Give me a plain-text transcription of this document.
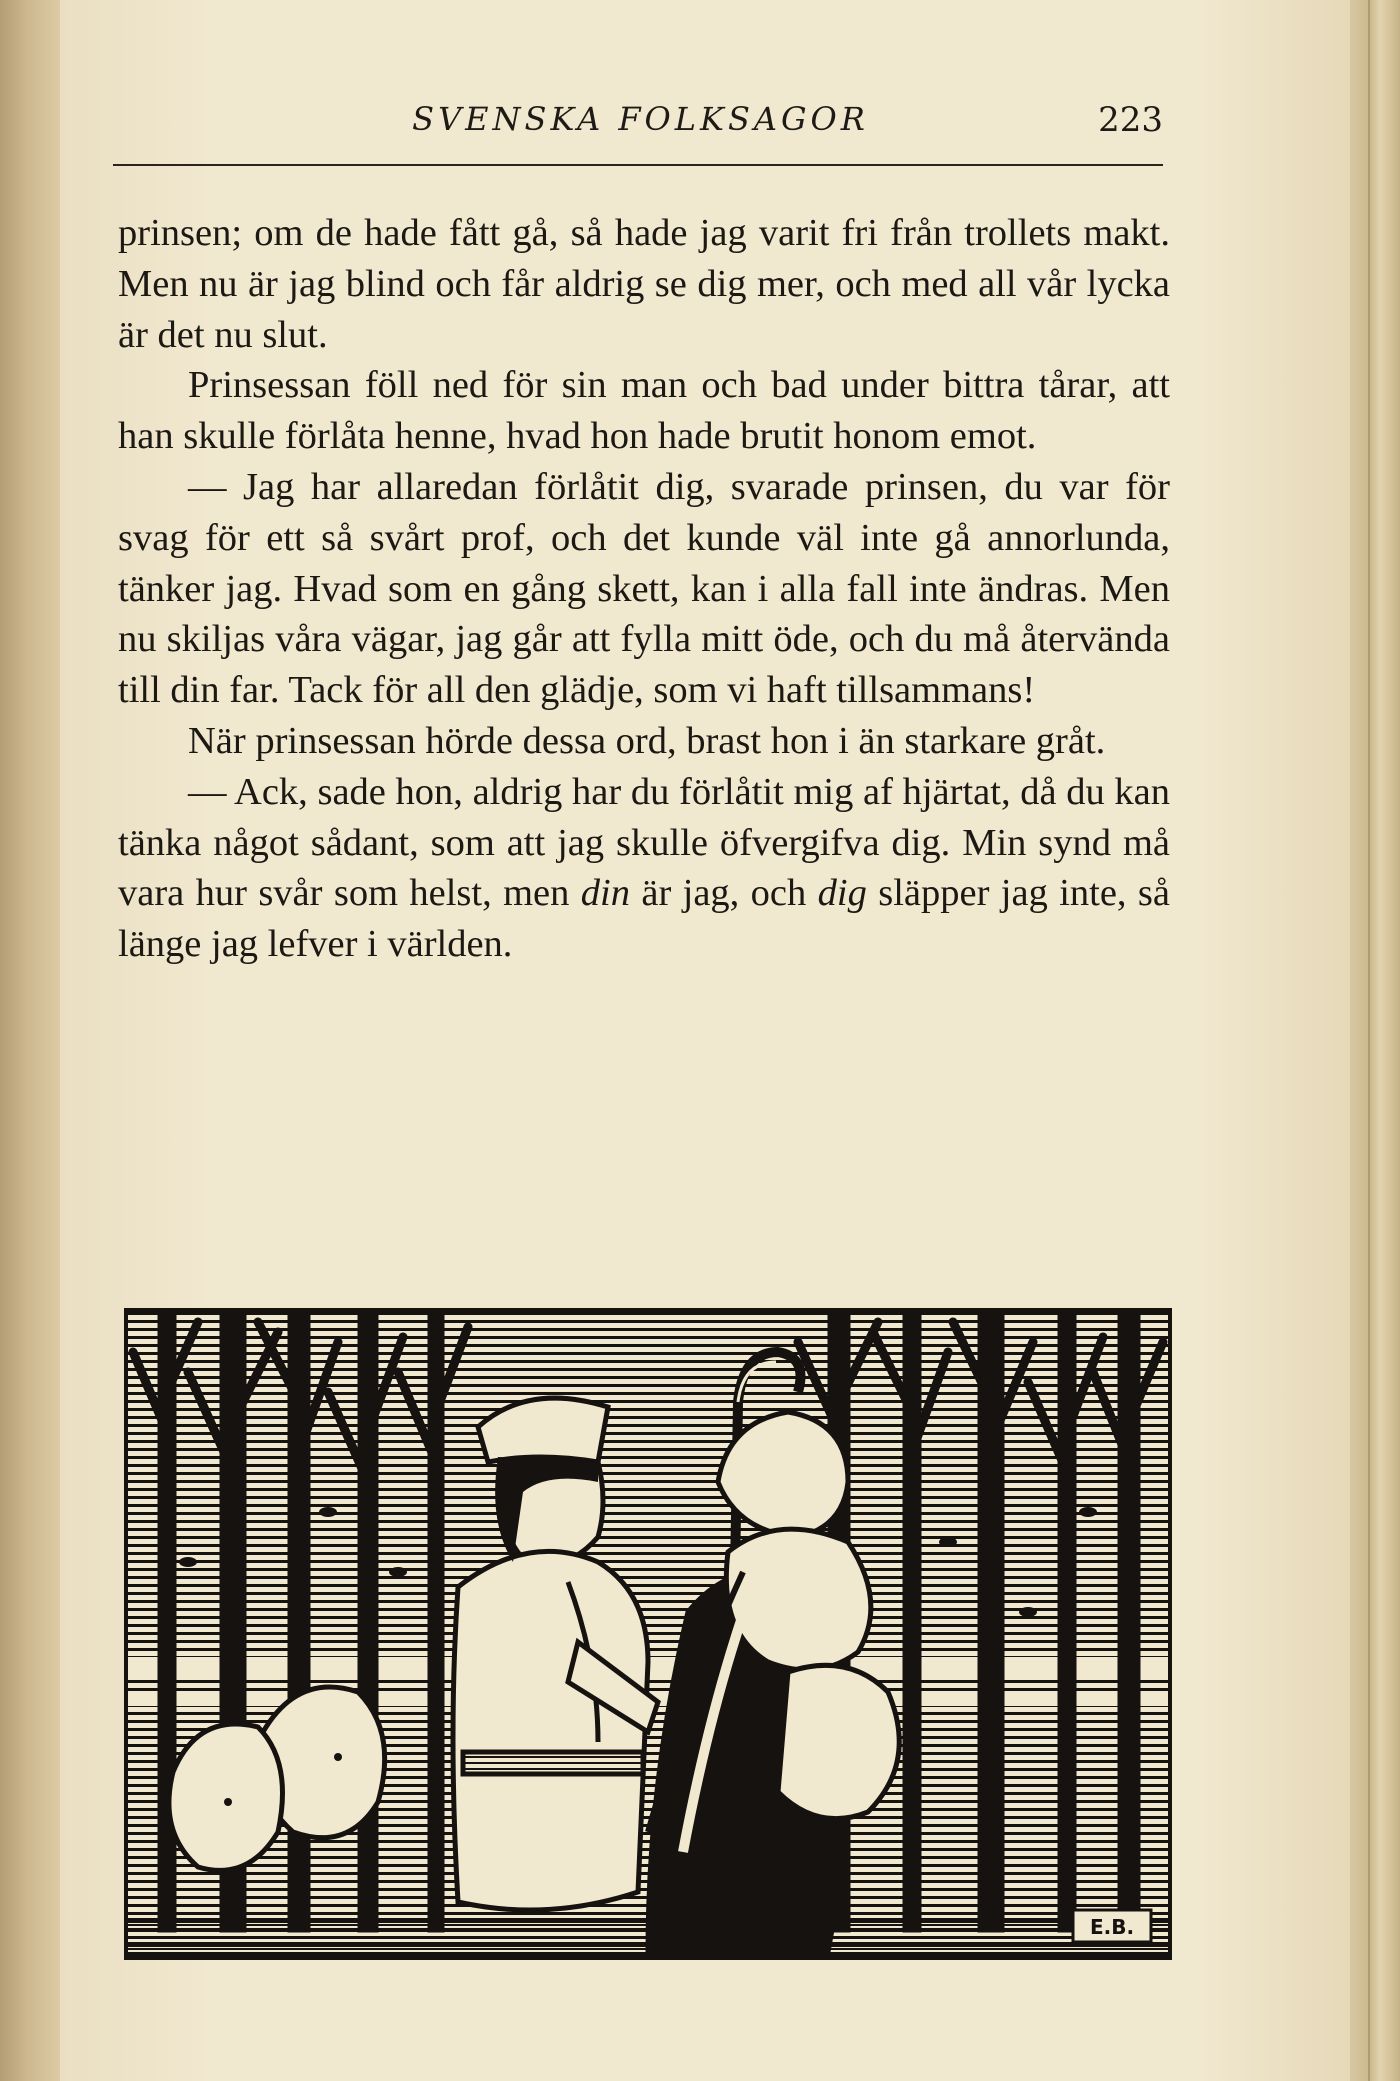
SVENSKA FOLKSAGOR	223

prinsen; om de hade fått gå, så hade jag varit fri från trollets makt. Men nu är jag blind och får aldrig se dig mer, och med all vår lycka är det nu slut.

Prinsessan föll ned för sin man och bad under bittra tårar, att han skulle förlåta henne, hvad hon hade brutit honom emot.

— Jag har allaredan förlåtit dig, svarade prinsen, du var för svag för ett så svårt prof, och det kunde väl inte gå annorlunda, tänker jag. Hvad som en gång skett, kan i alla fall inte ändras. Men nu skiljas våra vägar, jag går att fylla mitt öde, och du må återvända till din far. Tack för all den glädje, som vi haft tillsammans!

När prinsessan hörde dessa ord, brast hon i än starkare gråt.

— Ack, sade hon, aldrig har du förlåtit mig af hjärtat, då du kan tänka något sådant, som att jag skulle öfvergifva dig. Min synd må vara hur svår som helst, men din är jag, och dig släpper jag inte, så länge jag lefver i världen.

E.B.
